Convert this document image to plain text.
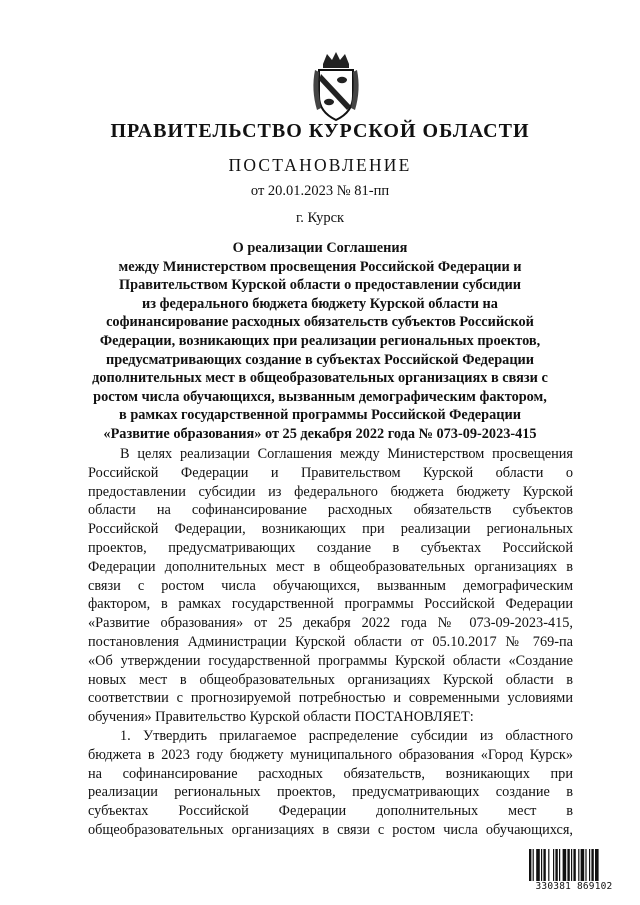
ПРАВИТЕЛЬСТВО КУРСКОЙ ОБЛАСТИ
ПОСТАНОВЛЕНИЕ
от 20.01.2023 № 81-пп
г. Курск
О реализации Соглашения
между Министерством просвещения Российской Федерации и
Правительством Курской области о предоставлении субсидии
из федерального бюджета бюджету Курской области на
софинансирование расходных обязательств субъектов Российской
Федерации, возникающих при реализации региональных проектов,
предусматривающих создание в субъектах Российской Федерации
дополнительных мест в общеобразовательных организациях в связи с
ростом числа обучающихся, вызванным демографическим фактором,
в рамках государственной программы Российской Федерации
«Развитие образования» от 25 декабря 2022 года № 073-09-2023-415
В целях реализации Соглашения между Министерством просвещения
Российской Федерации и Правительством Курской области о
предоставлении субсидии из федерального бюджета бюджету Курской
области на софинансирование расходных обязательств субъектов
Российской Федерации, возникающих при реализации региональных
проектов, предусматривающих создание в субъектах Российской
Федерации дополнительных мест в общеобразовательных организациях в
связи с ростом числа обучающихся, вызванным демографическим
фактором, в рамках государственной программы Российской Федерации
«Развитие образования» от 25 декабря 2022 года № 073-09-2023-415,
постановления Администрации Курской области от 05.10.2017 № 769-па
«Об утверждении государственной программы Курской области «Создание
новых мест в общеобразовательных организациях Курской области в
соответствии с прогнозируемой потребностью и современными условиями
обучения» Правительство Курской области ПОСТАНОВЛЯЕТ:
1. Утвердить прилагаемое распределение субсидии из областного
бюджета в 2023 году бюджету муниципального образования «Город Курск»
на софинансирование расходных обязательств, возникающих при
реализации региональных проектов, предусматривающих создание в
субъектах Российской Федерации дополнительных мест в
общеобразовательных организациях в связи с ростом числа обучающихся,
330381 869102
